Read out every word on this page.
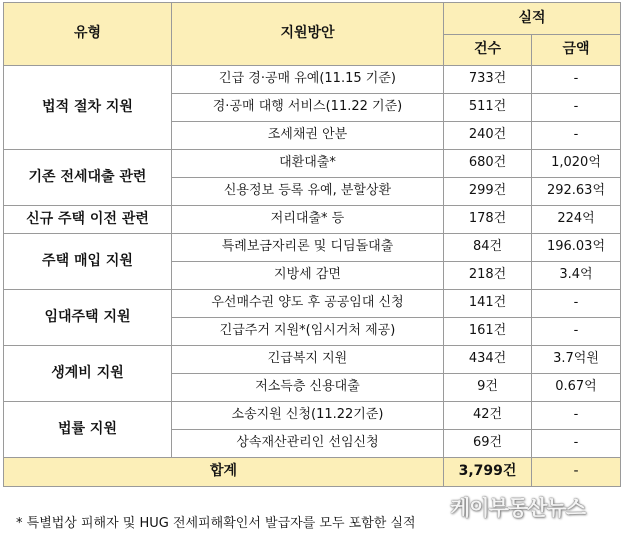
유형	지원방안	실적	
		건수	금액
법적 절차 지원	긴급 경·공매 유예(11.15 기준)	733건	-
	경·공매 대행 서비스(11.22 기준)	511건	-
	조세채권 안분	240건	-
기존 전세대출 관련	대환대출*	680건	1,020억
	신용정보 등록 유예, 분할상환	299건	292.63억
신규 주택 이전 관련	저리대출* 등	178건	224억
주택 매입 지원	특례보금자리론 및 디딤돌대출	84건	196.03억
	지방세 감면	218건	3.4억
임대주택 지원	우선매수권 양도 후 공공임대 신청	141건	-
	긴급주거 지원*(임시거처 제공)	161건	-
생계비 지원	긴급복지 지원	434건	3.7억원
	저소득층 신용대출	9건	0.67억
법률 지원	소송지원 신청(11.22기준)	42건	-
	상속재산관리인 선임신청	69건	-
합계		3,799건	-
케이부동산뉴스
* 특별법상 피해자 및 HUG 전세피해확인서 발급자를 모두 포함한 실적
